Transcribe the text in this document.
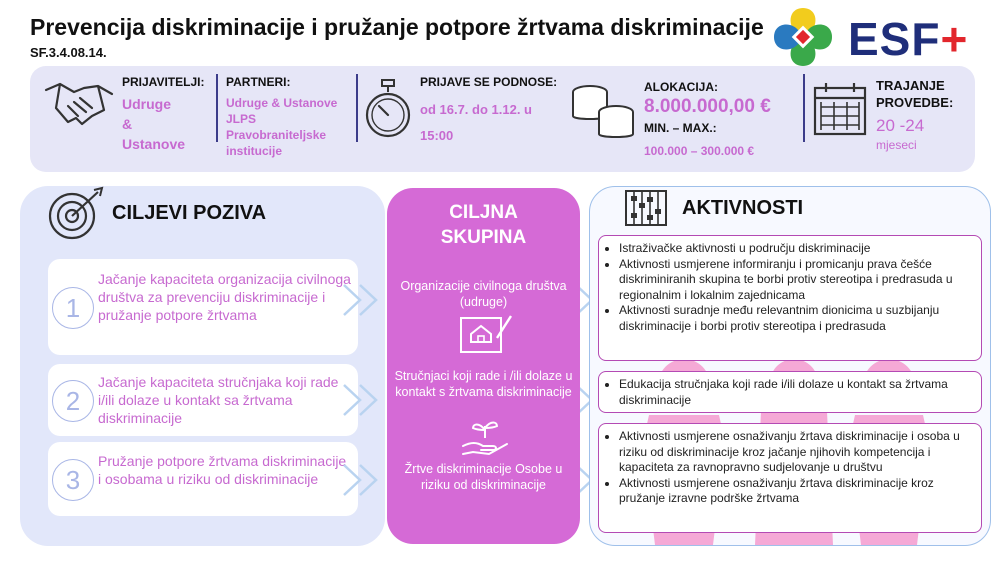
Prevencija diskriminacije i pružanje potpore žrtvama diskriminacije
SF.3.4.08.14.	ESF+
PRIJAVITELJI:
Udruge
&
Ustanove
PARTNERI:
Udruge & Ustanove
JLPS
Pravobraniteljske
institucije
PRIJAVE SE PODNOSE:
od 16.7. do 1.12. u
15:00
ALOKACIJA:
8.000.000,00 €
MIN. – MAX.:
100.000 – 300.000 €
TRAJANJE
PROVEDBE:
20 -24
mjeseci
CILJEVI POZIVA
1
Jačanje kapaciteta organizacija civilnoga društva za prevenciju diskriminacije i pružanje potpore žrtvama
2
Jačanje kapaciteta stručnjaka koji rade i/ili dolaze u kontakt sa žrtvama diskriminacije
3
Pružanje potpore žrtvama diskriminacije i osobama u riziku od diskriminacije
CILJNA
SKUPINA
Organizacije civilnoga društva (udruge)
Stručnjaci koji rade i /ili dolaze u kontakt s žrtvama diskriminacije
Žrtve diskriminacije Osobe u riziku od diskriminacije
AKTIVNOSTI
• Istraživačke aktivnosti u području diskriminacije
• Aktivnosti usmjerene informiranju i promicanju prava češće diskriminiranih skupina te borbi protiv stereotipa i predrasuda u regionalnim i lokalnim zajednicama
• Aktivnosti suradnje među relevantnim dionicima u suzbijanju diskriminacije i borbi protiv stereotipa i predrasuda
• Edukacija stručnjaka koji rade i/ili dolaze u kontakt sa žrtvama diskriminacije
• Aktivnosti usmjerene osnaživanju žrtava diskriminacije i osoba u riziku od diskriminacije kroz jačanje njihovih kompetencija i kapaciteta za ravnopravno sudjelovanje u društvu
• Aktivnosti usmjerene osnaživanju žrtava diskriminacije kroz pružanje izravne podrške žrtvama
